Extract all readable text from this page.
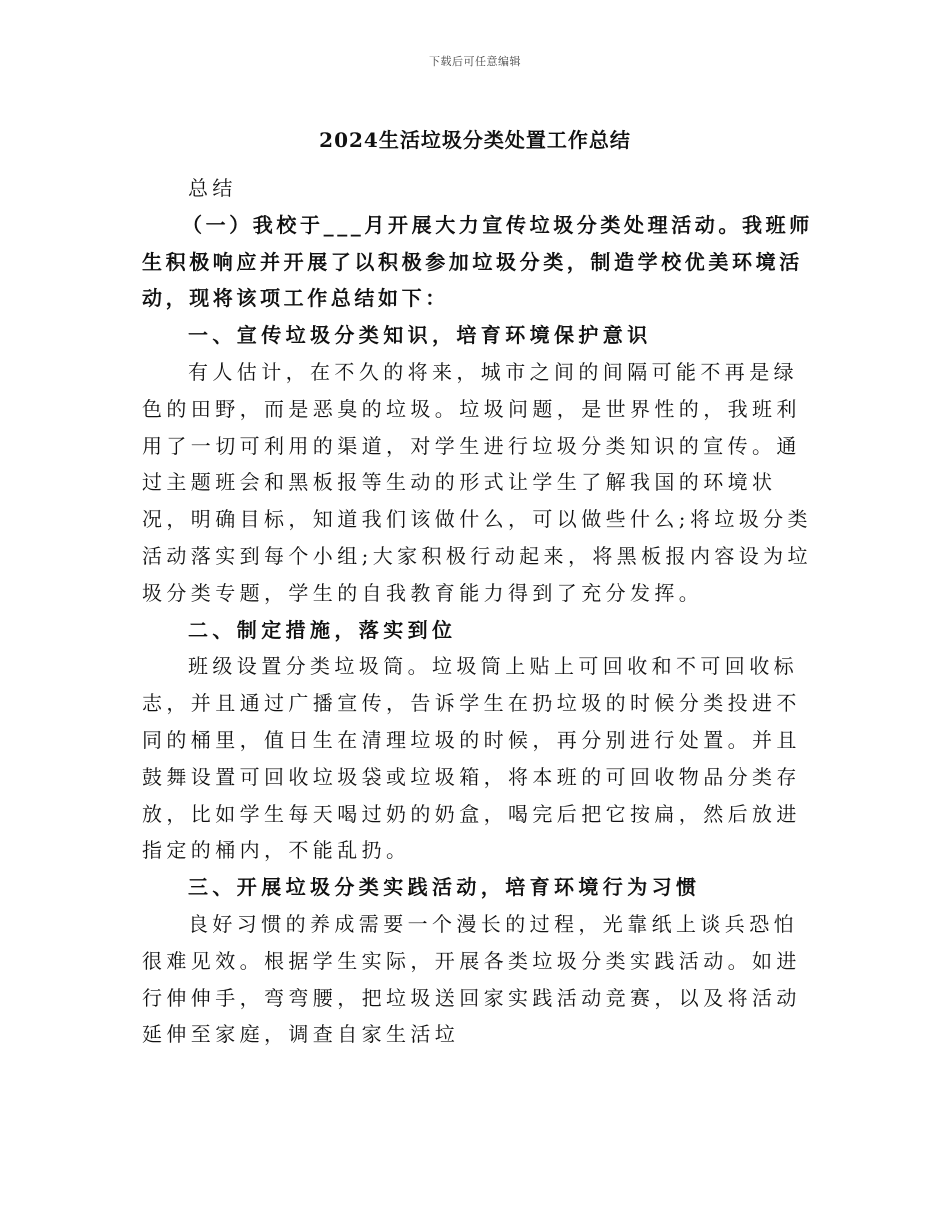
下载后可任意编辑
2024生活垃圾分类处置工作总结

总结

（一）我校于___月开展大力宣传垃圾分类处理活动。我班师生积极响应并开展了以积极参加垃圾分类，制造学校优美环境活动，现将该项工作总结如下：

一、宣传垃圾分类知识，培育环境保护意识

有人估计，在不久的将来，城市之间的间隔可能不再是绿色的田野，而是恶臭的垃圾。垃圾问题，是世界性的，我班利用了一切可利用的渠道，对学生进行垃圾分类知识的宣传。通过主题班会和黑板报等生动的形式让学生了解我国的环境状况，明确目标，知道我们该做什么，可以做些什么;将垃圾分类活动落实到每个小组;大家积极行动起来，将黑板报内容设为垃圾分类专题，学生的自我教育能力得到了充分发挥。

二、制定措施，落实到位

班级设置分类垃圾筒。垃圾筒上贴上可回收和不可回收标志，并且通过广播宣传，告诉学生在扔垃圾的时候分类投进不同的桶里，值日生在清理垃圾的时候，再分别进行处置。并且鼓舞设置可回收垃圾袋或垃圾箱，将本班的可回收物品分类存放，比如学生每天喝过奶的奶盒，喝完后把它按扁，然后放进指定的桶内，不能乱扔。

三、开展垃圾分类实践活动，培育环境行为习惯

良好习惯的养成需要一个漫长的过程，光靠纸上谈兵恐怕很难见效。根据学生实际，开展各类垃圾分类实践活动。如进行伸伸手，弯弯腰，把垃圾送回家实践活动竞赛，以及将活动延伸至家庭，调查自家生活垃
